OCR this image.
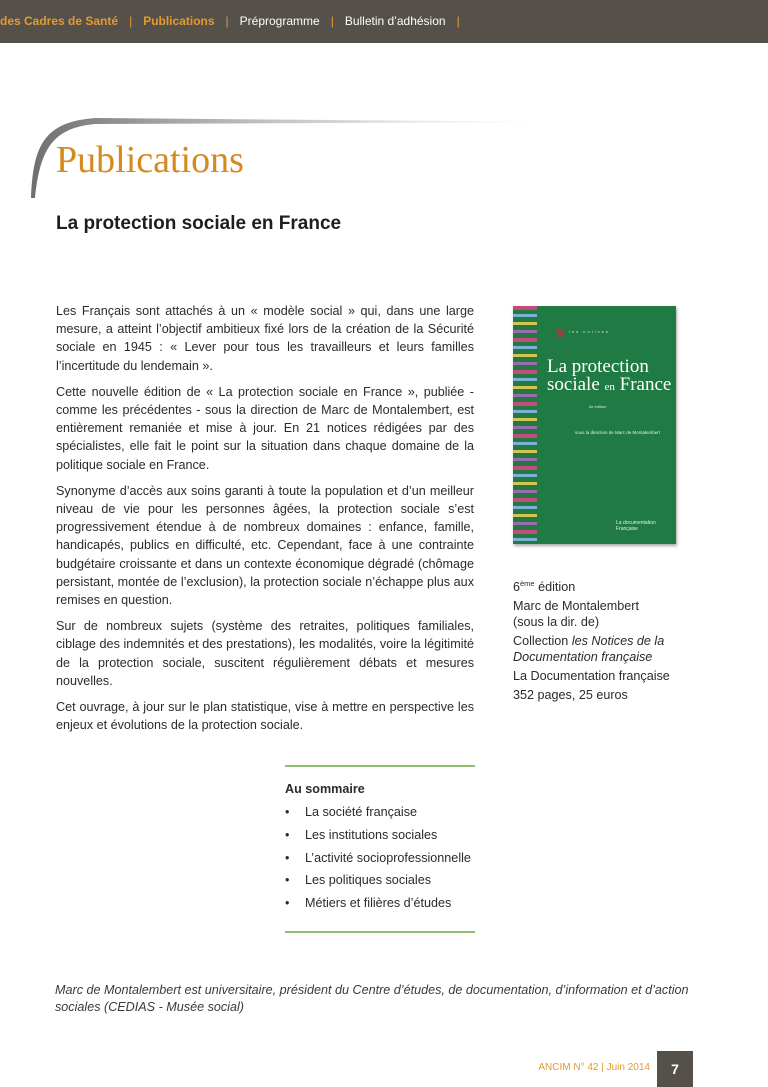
des Cadres de Santé | Publications | Préprogramme | Bulletin d’adhésion |
Publications
La protection sociale en France

Les Français sont attachés à un « modèle social » qui, dans une large mesure, a atteint l’objectif ambitieux fixé lors de la création de la Sécurité sociale en 1945 : « Lever pour tous les travailleurs et leurs familles l’incertitude du lendemain ».

Cette nouvelle édition de « La protection sociale en France », publiée - comme les précédentes - sous la direction de Marc de Montalembert, est entièrement remaniée et mise à jour. En 21 notices rédigées par des spécialistes, elle fait le point sur la situation dans chaque domaine de la politique sociale en France.

Synonyme d’accès aux soins garanti à toute la population et d’un meilleur niveau de vie pour les personnes âgées, la protection sociale s’est progressivement étendue à de nombreux domaines : enfance, famille, handicapés, publics en difficulté, etc. Cependant, face à une contrainte budgétaire croissante et dans un contexte économique dégradé (chômage persistant, montée de l’exclusion), la protection sociale n’échappe plus aux remises en question.

Sur de nombreux sujets (système des retraites, politiques familiales, ciblage des indemnités et des prestations), les modalités, voire la légitimité de la protection sociale, suscitent régulièrement débats et mesures nouvelles.

Cet ouvrage, à jour sur le plan statistique, vise à mettre en perspective les enjeux et évolutions de la protection sociale.

N les notices

La protection
sociale en France

6e édition
sous la direction de Marc de Montalembert
La documentation Française
6ème édition
Marc de Montalembert
(sous la dir. de)
Collection les Notices de la Documentation française
La Documentation française
352 pages, 25 euros
Au sommaire
• La société française
• Les institutions sociales
• L’activité socioprofessionnelle
• Les politiques sociales
• Métiers et filières d’études
Marc de Montalembert est universitaire, président du Centre d’études, de documentation, d’information et d’action sociales (CEDIAS - Musée social)
ANCIM N° 42 | Juin 2014	7
